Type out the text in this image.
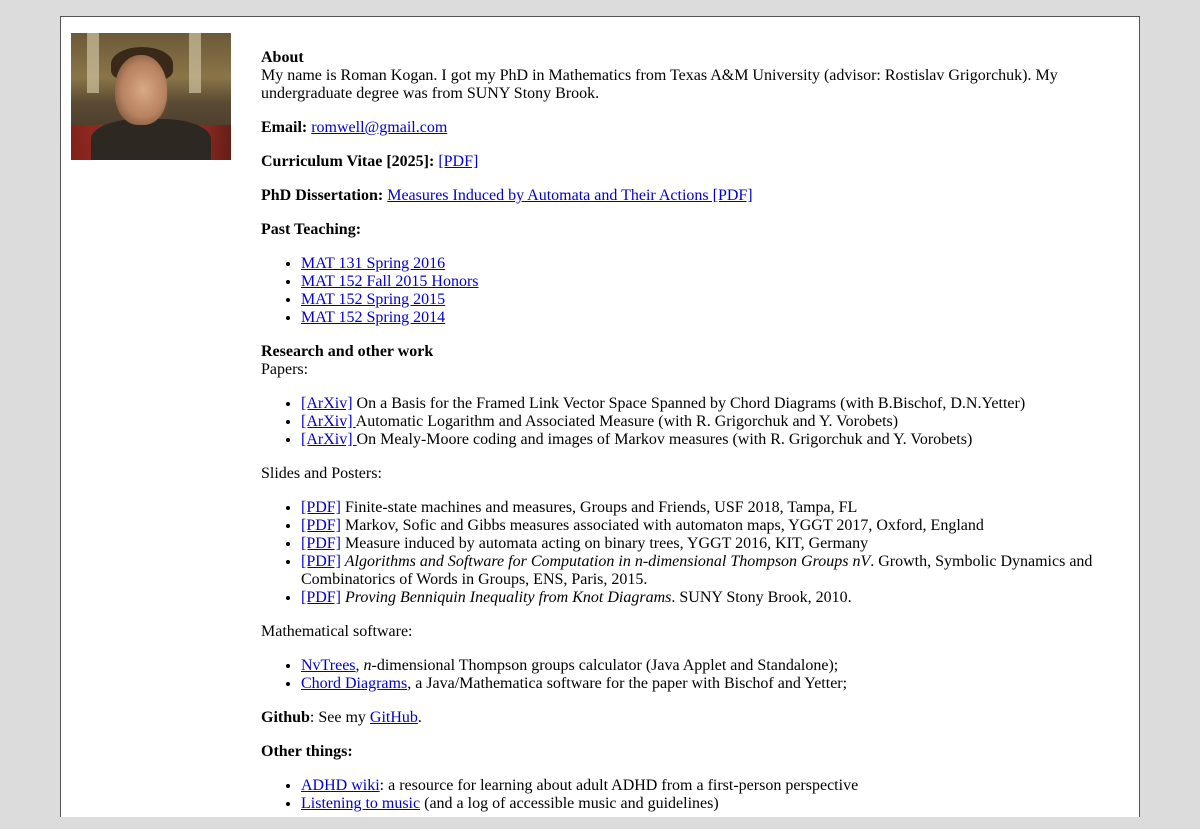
About
My name is Roman Kogan. I got my PhD in Mathematics from Texas A&M University (advisor: Rostislav Grigorchuk). My undergraduate degree was from SUNY Stony Brook.

Email: romwell@gmail.com

Curriculum Vitae [2025]: [PDF]

PhD Dissertation: Measures Induced by Automata and Their Actions [PDF]

Past Teaching:

• MAT 131 Spring 2016
• MAT 152 Fall 2015 Honors
• MAT 152 Spring 2015
• MAT 152 Spring 2014

Research and other work
Papers:

• [ArXiv] On a Basis for the Framed Link Vector Space Spanned by Chord Diagrams (with B.Bischof, D.N.Yetter)
• [ArXiv] Automatic Logarithm and Associated Measure (with R. Grigorchuk and Y. Vorobets)
• [ArXiv] On Mealy-Moore coding and images of Markov measures (with R. Grigorchuk and Y. Vorobets)

Slides and Posters:

• [PDF] Finite-state machines and measures, Groups and Friends, USF 2018, Tampa, FL
• [PDF] Markov, Sofic and Gibbs measures associated with automaton maps, YGGT 2017, Oxford, England
• [PDF] Measure induced by automata acting on binary trees, YGGT 2016, KIT, Germany
• [PDF] Algorithms and Software for Computation in n-dimensional Thompson Groups nV. Growth, Symbolic Dynamics and Combinatorics of Words in Groups, ENS, Paris, 2015.
• [PDF] Proving Benniquin Inequality from Knot Diagrams. SUNY Stony Brook, 2010.

Mathematical software:

• NvTrees, n-dimensional Thompson groups calculator (Java Applet and Standalone);
• Chord Diagrams, a Java/Mathematica software for the paper with Bischof and Yetter;

Github: See my GitHub.

Other things:

• ADHD wiki: a resource for learning about adult ADHD from a first-person perspective
• Listening to music (and a log of accessible music and guidelines)
